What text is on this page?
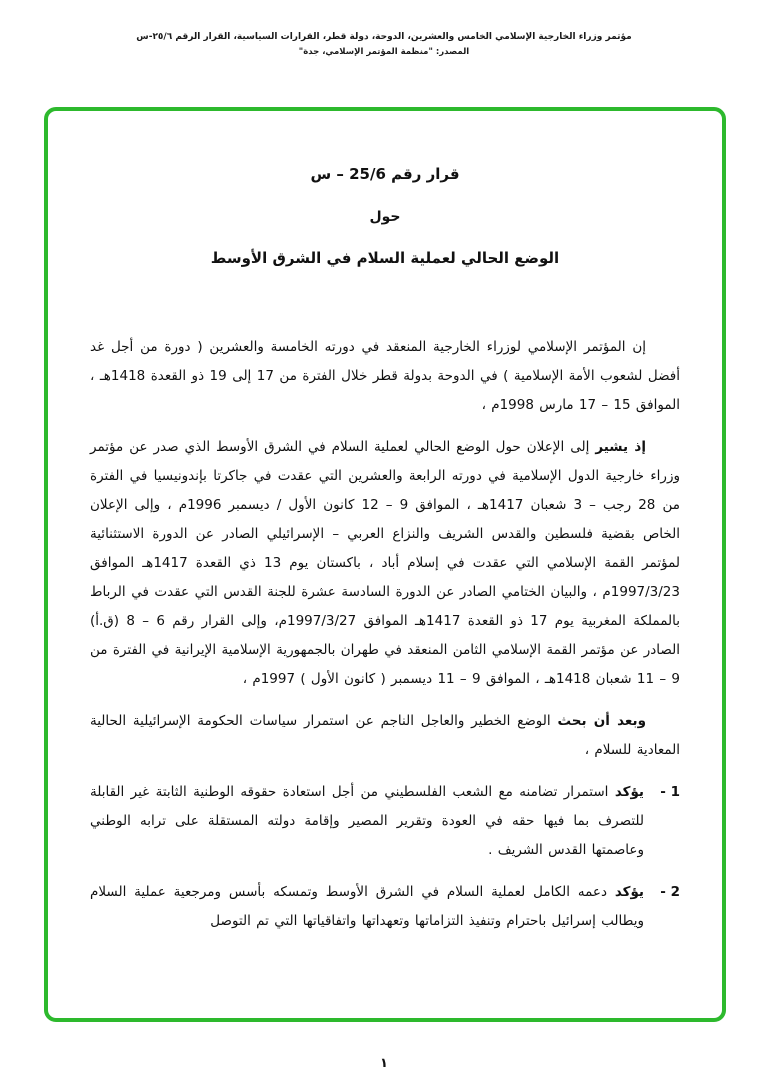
مؤتمر وزراء الخارجية الإسلامي الخامس والعشرين، الدوحة، دولة قطر، القرارات السياسية، القرار الرقم ٢٥/٦-س
المصدر: "منظمة المؤتمر الإسلامي، جدة"
قرار رقم 25/6 – س
حول
الوضع الحالي لعملية السلام في الشرق الأوسط

إن المؤتمر الإسلامي لوزراء الخارجية المنعقد في دورته الخامسة والعشرين ( دورة من أجل غد أفضل لشعوب الأمة الإسلامية ) في الدوحة بدولة قطر خلال الفترة من 17 إلى 19 ذو القعدة 1418هـ ، الموافق 15 – 17 مارس 1998م ،

إذ يشير إلى الإعلان حول الوضع الحالي لعملية السلام في الشرق الأوسط الذي صدر عن مؤتمر وزراء خارجية الدول الإسلامية في دورته الرابعة والعشرين التي عقدت في جاكرتا بإندونيسيا في الفترة من 28 رجب – 3 شعبان 1417هـ ، الموافق 9 – 12 كانون الأول / ديسمبر 1996م ، وإلى الإعلان الخاص بقضية فلسطين والقدس الشريف والنزاع العربي – الإسرائيلي الصادر عن الدورة الاستثنائية لمؤتمر القمة الإسلامي التي عقدت في إسلام أباد ، باكستان يوم 13 ذي القعدة 1417هـ الموافق 1997/3/23م ، والبيان الختامي الصادر عن الدورة السادسة عشرة للجنة القدس التي عقدت في الرباط بالمملكة المغربية يوم 17 ذو القعدة 1417هـ الموافق 1997/3/27م، وإلى القرار رقم 6 – 8 (ق.أ) الصادر عن مؤتمر القمة الإسلامي الثامن المنعقد في طهران بالجمهورية الإسلامية الإيرانية في الفترة من 9 – 11 شعبان 1418هـ ، الموافق 9 – 11 ديسمبر ( كانون الأول ) 1997م ،

وبعد أن بحث الوضع الخطير والعاجل الناجم عن استمرار سياسات الحكومة الإسرائيلية الحالية المعادية للسلام ،

1 -

يؤكد استمرار تضامنه مع الشعب الفلسطيني من أجل استعادة حقوقه الوطنية الثابتة غير القابلة للتصرف بما فيها حقه في العودة وتقرير المصير وإقامة دولته المستقلة على ترابه الوطني وعاصمتها القدس الشريف .

2 -

يؤكد دعمه الكامل لعملية السلام في الشرق الأوسط وتمسكه بأسس ومرجعية عملية السلام ويطالب إسرائيل باحترام وتنفيذ التزاماتها وتعهداتها واتفاقياتها التي تم التوصل

١
